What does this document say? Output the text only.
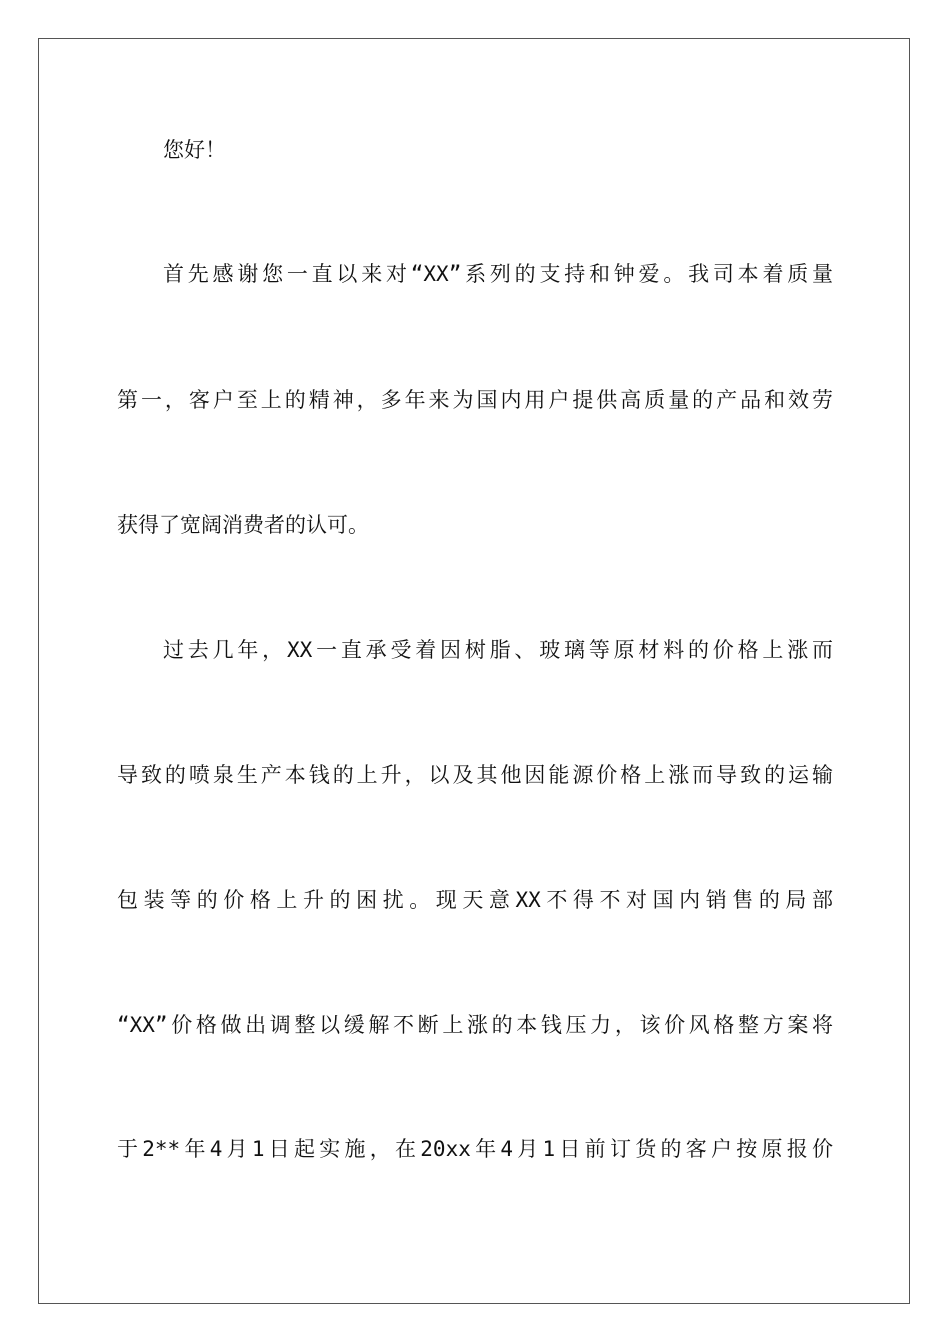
您好！

首先感谢您一直以来对“XX”系列的支持和钟爱。我司本着质量

第一，客户至上的精神，多年来为国内用户提供高质量的产品和效劳

获得了宽阔消费者的认可。

过去几年，XX一直承受着因树脂、玻璃等原材料的价格上涨而

导致的喷泉生产本钱的上升，以及其他因能源价格上涨而导致的运输

包装等的价格上升的困扰。现天意XX不得不对国内销售的局部

“XX”价格做出调整以缓解不断上涨的本钱压力，该价风格整方案将

于2**年4月1日起实施，在20xx年4月1日前订货的客户按原报价
